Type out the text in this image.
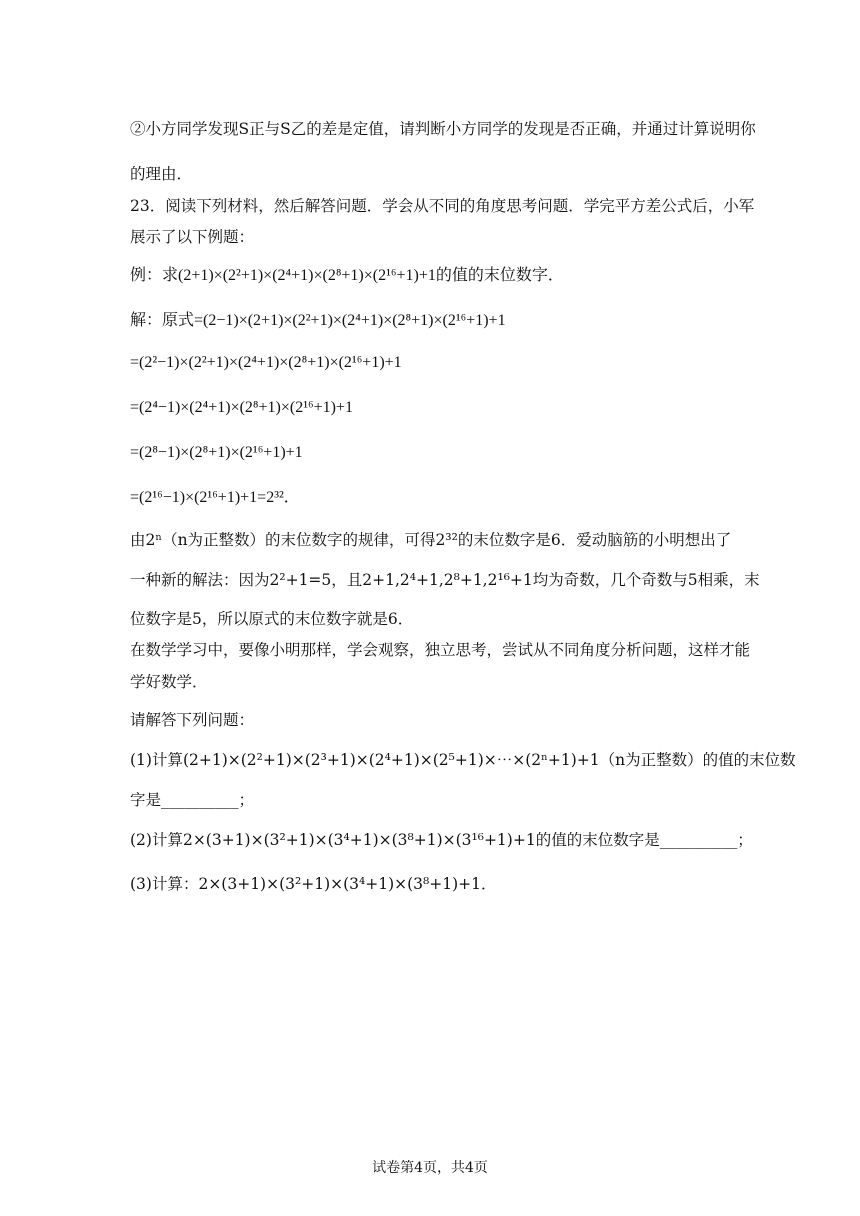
②小方同学发现S正与S乙的差是定值，请判断小方同学的发现是否正确，并通过计算说明你
的理由．
23．阅读下列材料，然后解答问题．学会从不同的角度思考问题．学完平方差公式后，小军
展示了以下例题：
例：求(2+1)×(2²+1)×(2⁴+1)×(2⁸+1)×(2¹⁶+1)+1的值的末位数字．
解：原式=(2−1)×(2+1)×(2²+1)×(2⁴+1)×(2⁸+1)×(2¹⁶+1)+1
=(2²−1)×(2²+1)×(2⁴+1)×(2⁸+1)×(2¹⁶+1)+1
=(2⁴−1)×(2⁴+1)×(2⁸+1)×(2¹⁶+1)+1
=(2⁸−1)×(2⁸+1)×(2¹⁶+1)+1
=(2¹⁶−1)×(2¹⁶+1)+1=2³²．
由2ⁿ（n为正整数）的末位数字的规律，可得2³²的末位数字是6．爱动脑筋的小明想出了
一种新的解法：因为2²+1=5，且2+1,2⁴+1,2⁸+1,2¹⁶+1均为奇数，几个奇数与5相乘，末
位数字是5，所以原式的末位数字就是6．
在数学学习中，要像小明那样，学会观察，独立思考，尝试从不同角度分析问题，这样才能
学好数学．
请解答下列问题：
(1)计算(2+1)×(2²+1)×(2³+1)×(2⁴+1)×(2⁵+1)×⋯×(2ⁿ+1)+1（n为正整数）的值的末位数
字是__________；
(2)计算2×(3+1)×(3²+1)×(3⁴+1)×(3⁸+1)×(3¹⁶+1)+1的值的末位数字是__________；
(3)计算：2×(3+1)×(3²+1)×(3⁴+1)×(3⁸+1)+1．
试卷第4页，共4页
